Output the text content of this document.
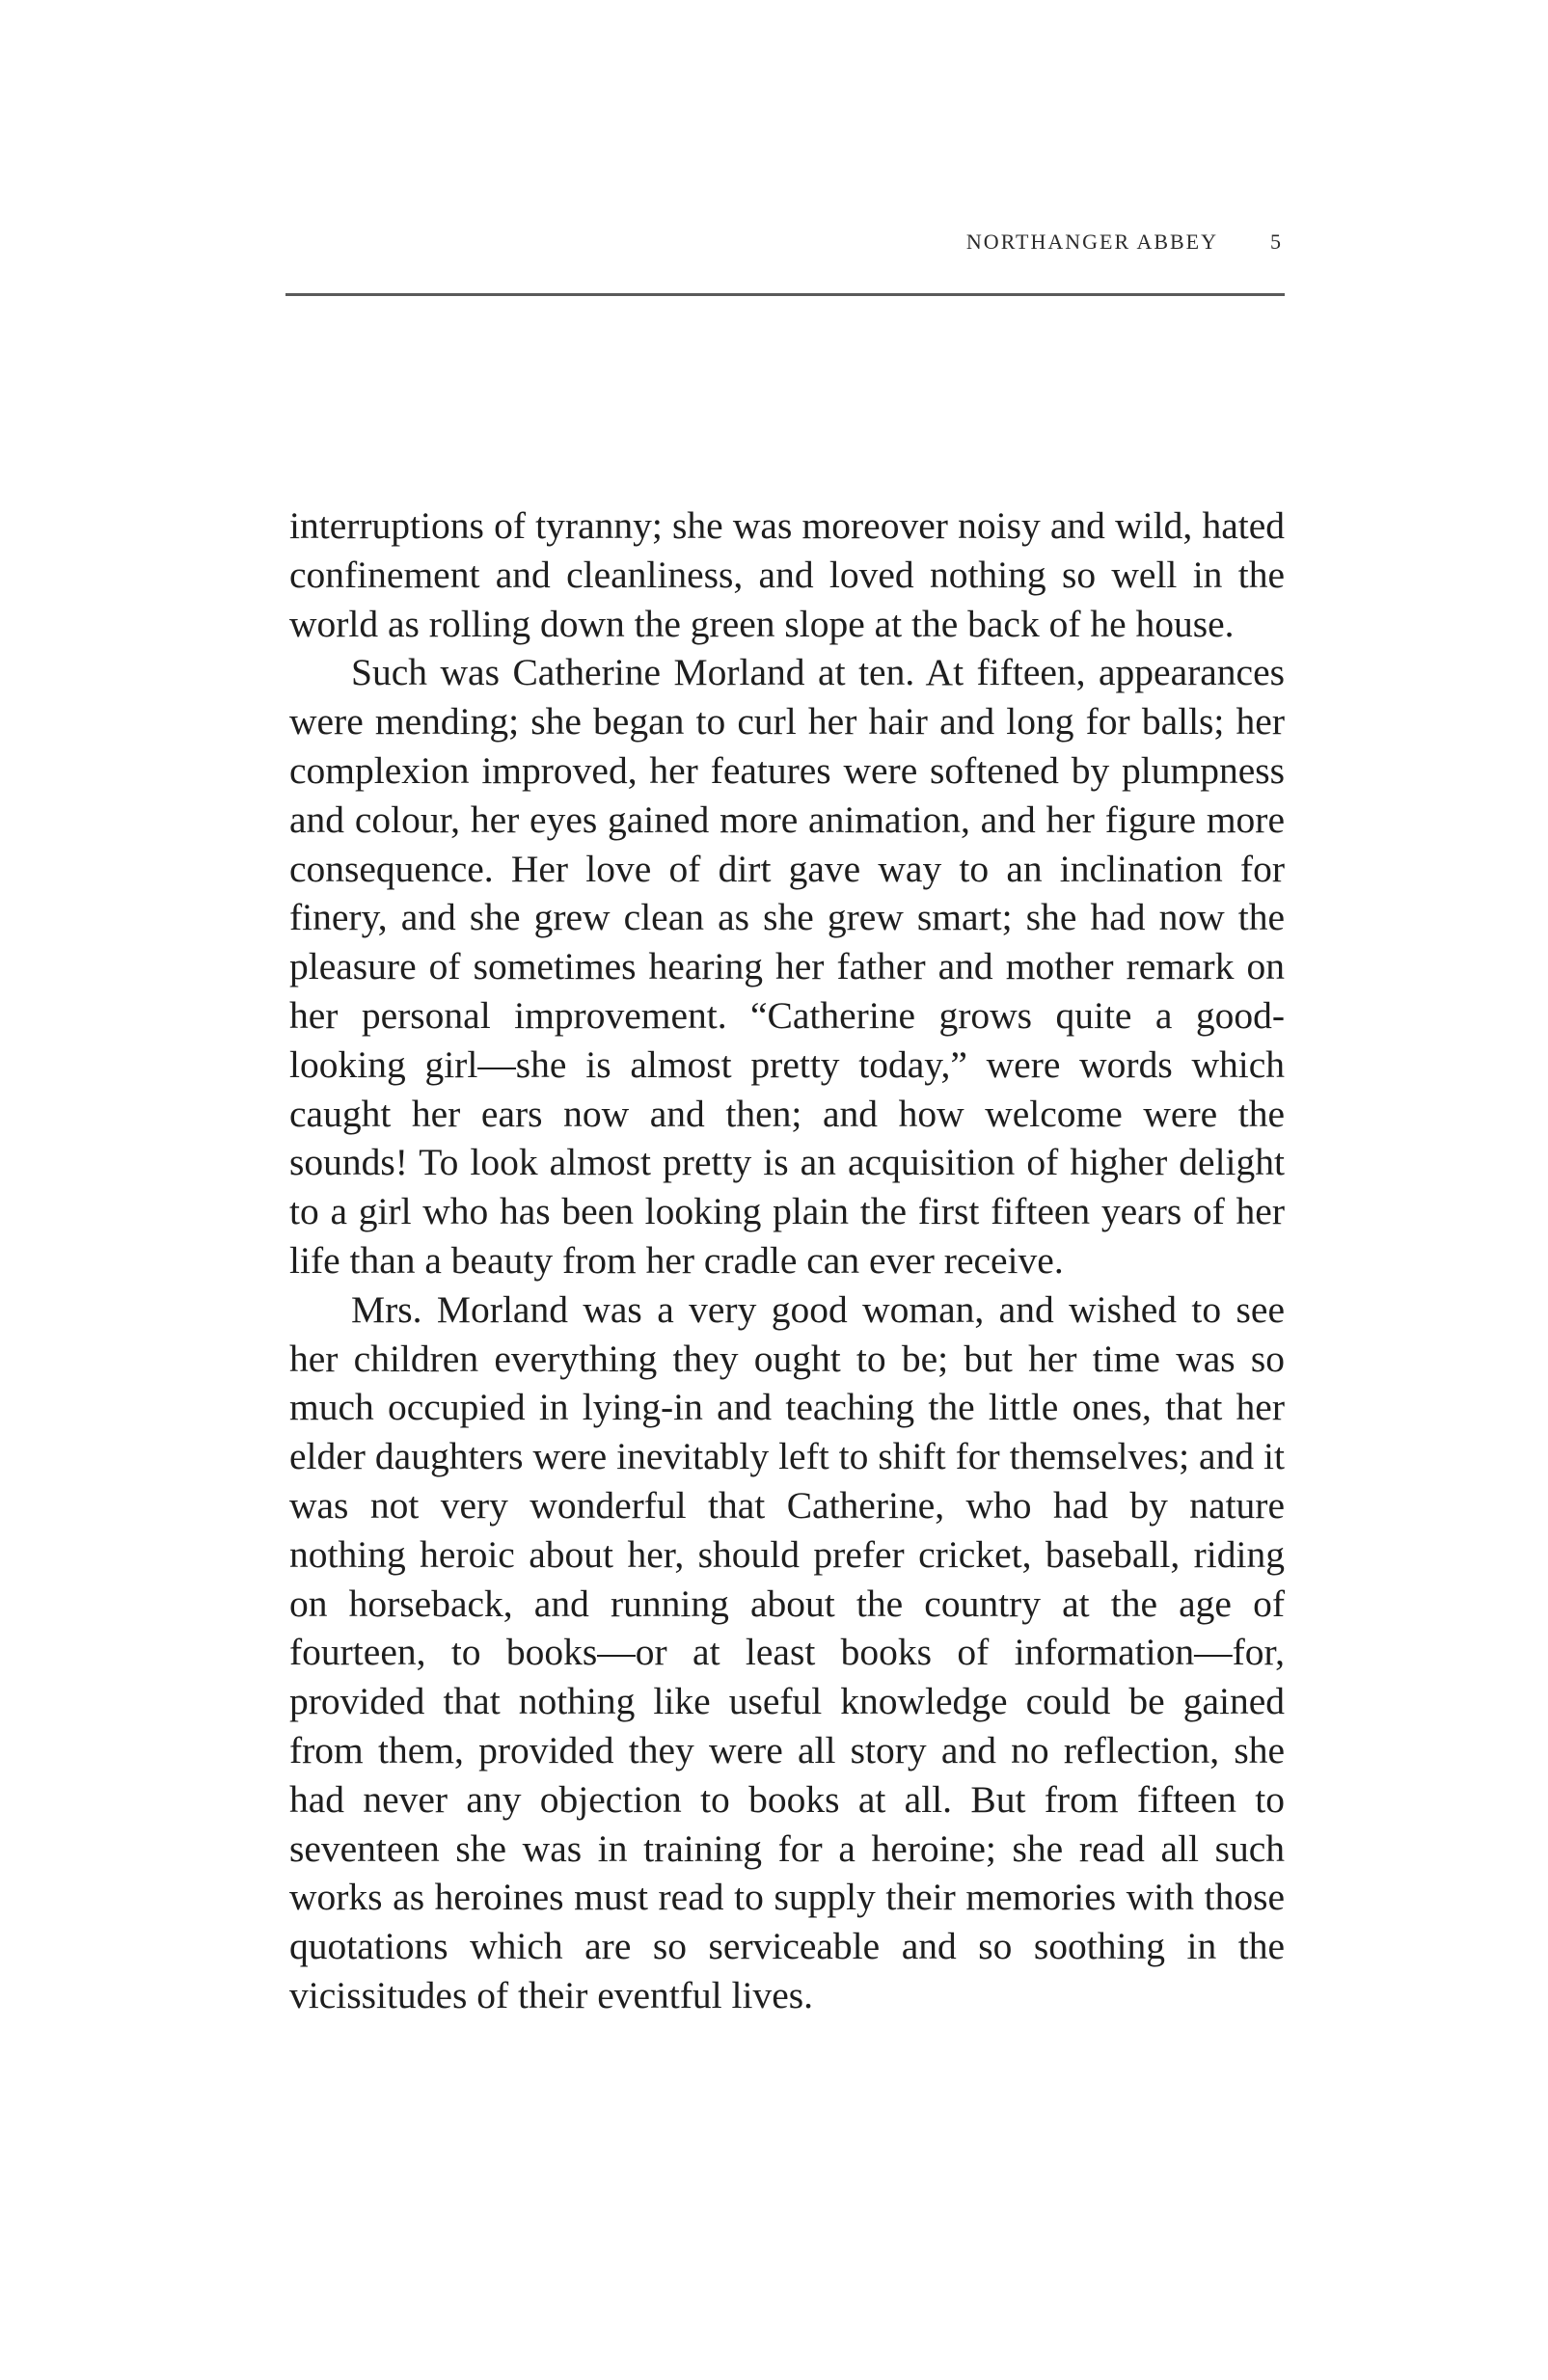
NORTHANGER ABBEY 5

interruptions of tyranny; she was moreover noisy and wild, hated confinement and cleanliness, and loved nothing so well in the world as rolling down the green slope at the back of he house.

Such was Catherine Morland at ten. At fifteen, appearances were mending; she began to curl her hair and long for balls; her complexion improved, her features were softened by plumpness and colour, her eyes gained more animation, and her figure more consequence. Her love of dirt gave way to an inclination for finery, and she grew clean as she grew smart; she had now the pleasure of sometimes hearing her father and mother remark on her personal improvement. “Catherine grows quite a good-looking girl—she is almost pretty today,” were words which caught her ears now and then; and how welcome were the sounds! To look almost pretty is an acquisition of higher delight to a girl who has been looking plain the first fifteen years of her life than a beauty from her cradle can ever receive.

Mrs. Morland was a very good woman, and wished to see her children everything they ought to be; but her time was so much occupied in lying-in and teaching the little ones, that her elder daughters were inevitably left to shift for themselves; and it was not very wonderful that Catherine, who had by nature nothing heroic about her, should prefer cricket, baseball, riding on horseback, and running about the country at the age of fourteen, to books—or at least books of information—for, provided that nothing like useful knowledge could be gained from them, provided they were all story and no reflection, she had never any objection to books at all. But from fifteen to seventeen she was in training for a heroine; she read all such works as heroines must read to supply their memories with those quotations which are so serviceable and so soothing in the vicissitudes of their eventful lives.
